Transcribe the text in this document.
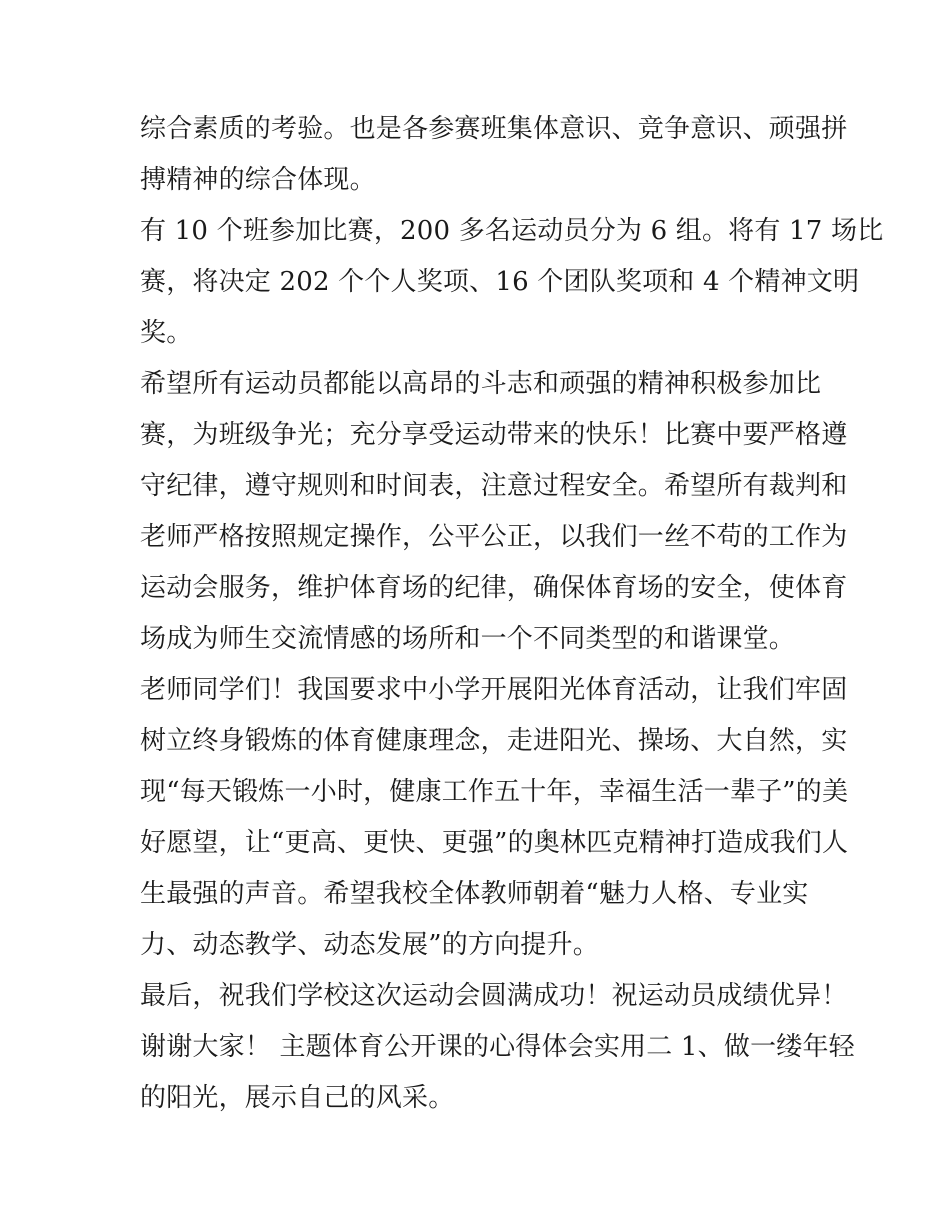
综合素质的考验。也是各参赛班集体意识、竞争意识、顽强拼
搏精神的综合体现。
有 10 个班参加比赛，200 多名运动员分为 6 组。将有 17 场比
赛，将决定 202 个个人奖项、16 个团队奖项和 4 个精神文明
奖。
希望所有运动员都能以高昂的斗志和顽强的精神积极参加比
赛，为班级争光；充分享受运动带来的快乐！比赛中要严格遵
守纪律，遵守规则和时间表，注意过程安全。希望所有裁判和
老师严格按照规定操作，公平公正，以我们一丝不苟的工作为
运动会服务，维护体育场的纪律，确保体育场的安全，使体育
场成为师生交流情感的场所和一个不同类型的和谐课堂。
老师同学们！我国要求中小学开展阳光体育活动，让我们牢固
树立终身锻炼的体育健康理念，走进阳光、操场、大自然，实
现“每天锻炼一小时，健康工作五十年，幸福生活一辈子”的美
好愿望，让“更高、更快、更强”的奥林匹克精神打造成我们人
生最强的声音。希望我校全体教师朝着“魅力人格、专业实
力、动态教学、动态发展”的方向提升。
最后，祝我们学校这次运动会圆满成功！祝运动员成绩优异！
谢谢大家！ 主题体育公开课的心得体会实用二 1、做一缕年轻
的阳光，展示自己的风采。
